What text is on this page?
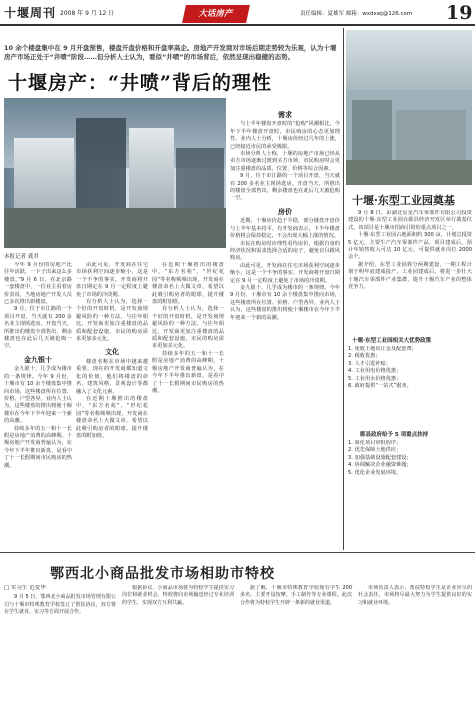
十堰周刊 2008 年 9 月 12 日	大话房产	责任编辑：夏雄军 邮箱：wxdxwj@126.com 19
10 余个楼盘集中在 9 月开盘预售，楼盘开盘价格和开盘率高企。房地产开发商对市场后期走势较为乐观，认为十堰房产市场正处于“井喷”阶段……但分析人士认为，看似“井喷”的市场背后，依然呈现出稳健的态势。
十堰房产：“井喷”背后的理性
本报记者 龚君

今年 9 月份的房地产比往年活跃，一下子出来这么多楼盘。”9 月 6 日，在北京路一套楼盘中，一位业主看着房价表说，当地房地产开发人员已多次推出新楼盘。

9 月，位于市江路的一个项目开盘，当天就有 200 多名业主现场选房。开盘当天，所推出的楼盘全部售出，剩余楼盘也在此后几天被抢购一空。

金九银十

金九银十，几乎成为楼市的一条规律。今年 9 月份，十堰市有 10 余个楼盘集中推向市场，这些楼盘所在位置、价格、户型各异。业内人士认为，这些楼盘的推出将使十堰楼市在今年下半年迎来一个新的高潮。

持续多年的五一和十一长假是房地产消费的高峰期。十堰房地产开发商普遍认为，在今年下半年推出新盘，是看中了十一长假期间市民购房的热潮。

由此可见，开发商在住宅市场获利空间逐步缩小，这是一个不争的事实。开发商将开盘日期定在 9 月一定程度上避免了市场的冷淡期。

有分析人士认为，选择一个好的开盘时机，是开发商规避风险的一种方法。与往年相比，开发商更加注重楼盘的品质和配套设施，市民的购房需求更加多元化。

文化

楼盘名称在市场中越来越重要。现在的开发商都知道文化的价值，他们将楼盘的命名、建筑风格、景观设计等都融入了文化元素。

在近期十堰推出的楼盘中，“东方名苑”、“世纪花园”等名称频频出现，开发商在楼盘命名上大做文章，希望以此吸引购房者的眼球，提升楼盘的附加值。

在近期十堰推出的楼盘中，“东方名苑”、“世纪花园”等名称频频出现，开发商在楼盘命名上大做文章，希望以此吸引购房者的眼球，提升楼盘的附加值。

有分析人士认为，选择一个好的开盘时机，是开发商规避风险的一种方法。与往年相比，开发商更加注重楼盘的品质和配套设施，市民的购房需求更加多元化。

持续多年的五一和十一长假是房地产消费的高峰期。十堰房地产开发商普遍认为，在今年下半年推出新盘，是看中了十一长假期间市民购房的热潮。

需求

与上半年楼盘开盘时的“抢购”风潮相比，今年下半年楼盘开盘时，市民购房的心态更加理性。业内人士分析，十堰房价经过几年的上涨，已经接近市民的承受极限。

市场分析人士称，十堰的房地产市场已经从卖方市场逐渐过渡到买方市场，市民购房时会更加注重楼盘的品质、位置、价格等综合因素。

9 月，位于市江路的一个项目开盘，当天就有 200 多名业主现场选房。开盘当天，所推出的楼盘全部售出，剩余楼盘也在此后几天被抢购一空。

房价

近期，十堰房价趋于平稳，部分楼盘开盘价与上半年基本持平。有开发商表示，下半年楼盘价格将会保持稳定，不会出现大幅上涨的情况。

市民在购房时应理性看待房价，根据自身的经济状况和需求选择合适的房子，避免盲目跟风购房。

由此可见，开发商在住宅市场获利空间逐步缩小，这是一个不争的事实。开发商将开盘日期定在 9 月一定程度上避免了市场的冷淡期。

金九银十，几乎成为楼市的一条规律。今年 9 月份，十堰市有 10 余个楼盘集中推向市场，这些楼盘所在位置、价格、户型各异。业内人士认为，这些楼盘的推出将使十堰楼市在今年下半年迎来一个新的高潮。

十堰·东型工业园奠基

9 月 8 日，由湖北星星汽车零部件有限公司投资建设的十堰·东型工业园在郧县经济开发区举行奠基仪式。该项目是十堰市招商引资的重点项目之一。

十堰·东型工业园占地面积约 300 亩，计划总投资 5 亿元，主要生产汽车零部件产品。项目建成后，预计年销售收入可达 10 亿元，可提供就业岗位 2000 余个。

据介绍，东型工业园将分两期建设，一期工程计划于明年底建成投产。工业园建成后，将进一步壮大十堰汽车零部件产业集群，提升十堰汽车产业的整体竞争力。

十堰·东型工业园相关大优势政策
1. 免收土地出让金及配套费；
2. 税收优惠；
3. 人才引进补贴；
4. 工业用电价格优惠；
5. 工业用水价格优惠；
6. 政府提供“一站式”服务。
郧县政府给予 5 项重点扶持
1. 简化项目审批程序；
2. 优先保障土地供应；
3. 加强基础设施配套建设；
4. 协调解决企业融资难题；
5. 优化企业发展环境。
鄂西北小商品批发市场相助市特校
□ 实习生 范爱华

9 月 5 日，鄂西北小商品批发市场管理有限公司与十堰市特殊教育学校签订了帮扶协议，双方将在学生就业、实习等方面开展合作。

根据协议，小商品市场将为特校学生提供实习岗位和就业机会，特校将向市场输送经过专业培训的学生，实现双方互利共赢。

据了解，十堰市特殊教育学校现有学生 200 多名，主要开设按摩、手工制作等专业课程。此次合作将为特校学生开辟一条新的就业渠道。

市场负责人表示，帮扶特校学生是企业应尽的社会责任，市场将尽最大努力为学生提供良好的实习和就业环境。
